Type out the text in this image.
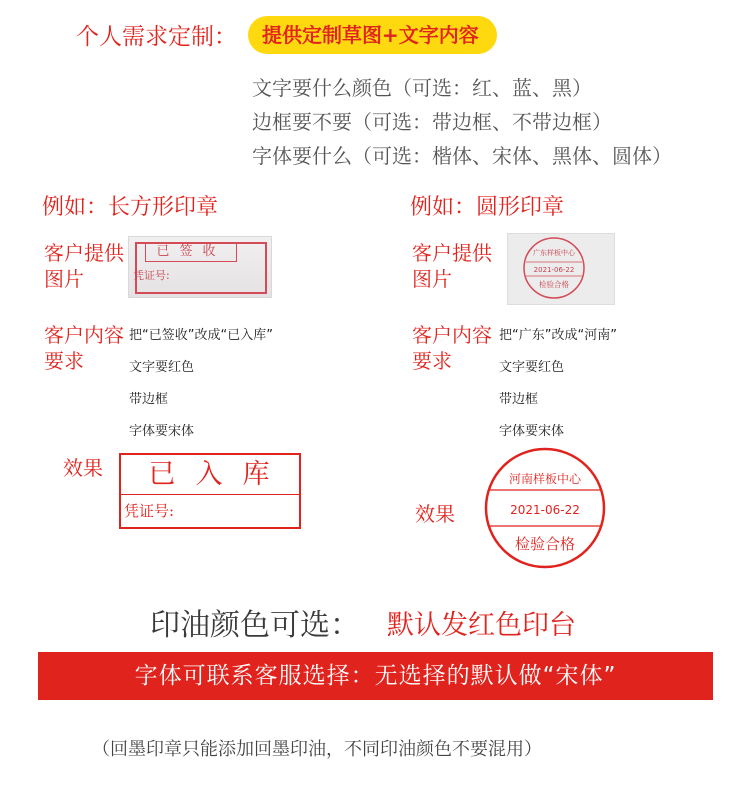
个人需求定制：	提供定制草图+文字内容
文字要什么颜色（可选：红、蓝、黑）
边框要不要（可选：带边框、不带边框）
字体要什么（可选：楷体、宋体、黑体、圆体）
例如：长方形印章
客户提供图片
已签收
凭证号:
客户内容要求
把“已签收”改成“已入库”
文字要红色
带边框
字体要宋体
效果	已入库
凭证号:
例如：圆形印章
客户提供图片
广东样板中心
2021-06-22
检验合格
客户内容要求
把“广东”改成“河南”
文字要红色
带边框
字体要宋体
效果
河南样板中心
2021-06-22
检验合格
印油颜色可选： 默认发红色印台
字体可联系客服选择：无选择的默认做“宋体”
（回墨印章只能添加回墨印油，不同印油颜色不要混用）
